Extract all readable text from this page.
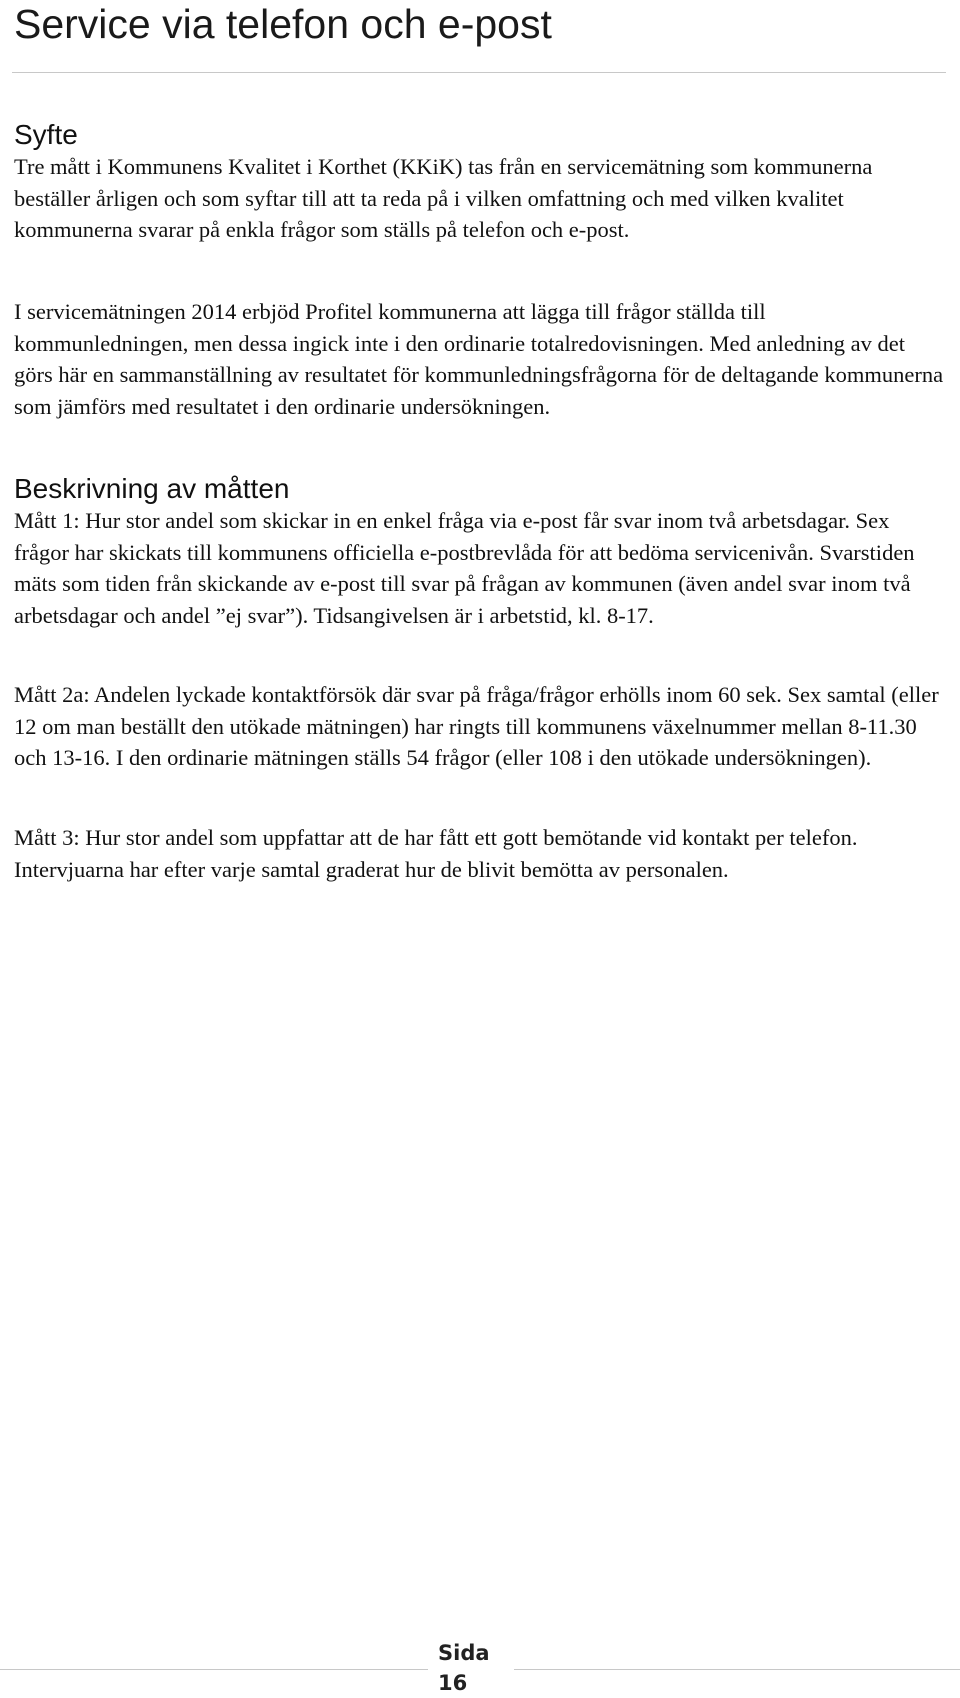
Service via telefon och e-post
Syfte

Tre mått i Kommunens Kvalitet i Korthet (KKiK) tas från en servicemätning som kommunerna beställer årligen och som syftar till att ta reda på i vilken omfattning och med vilken kvalitet kommunerna svarar på enkla frågor som ställs på telefon och e-post.

I servicemätningen 2014 erbjöd Profitel kommunerna att lägga till frågor ställda till kommunledningen, men dessa ingick inte i den ordinarie totalredovisningen. Med anledning av det görs här en sammanställning av resultatet för kommunledningsfrågorna för de deltagande kommunerna som jämförs med resultatet i den ordinarie undersökningen.

Beskrivning av måtten

Mått 1: Hur stor andel som skickar in en enkel fråga via e-post får svar inom två arbetsdagar. Sex frågor har skickats till kommunens officiella e-postbrevlåda för att bedöma servicenivån. Svarstiden mäts som tiden från skickande av e-post till svar på frågan av kommunen (även andel svar inom två arbetsdagar och andel ”ej svar”). Tidsangivelsen är i arbetstid, kl. 8-17.

Mått 2a: Andelen lyckade kontaktförsök där svar på fråga/frågor erhölls inom 60 sek. Sex samtal (eller 12 om man beställt den utökade mätningen) har ringts till kommunens växelnummer mellan 8-11.30 och 13-16. I den ordinarie mätningen ställs 54 frågor (eller 108 i den utökade undersökningen).

Mått 3: Hur stor andel som uppfattar att de har fått ett gott bemötande vid kontakt per telefon. Intervjuarna har efter varje samtal graderat hur de blivit bemötta av personalen.

Sida 16
